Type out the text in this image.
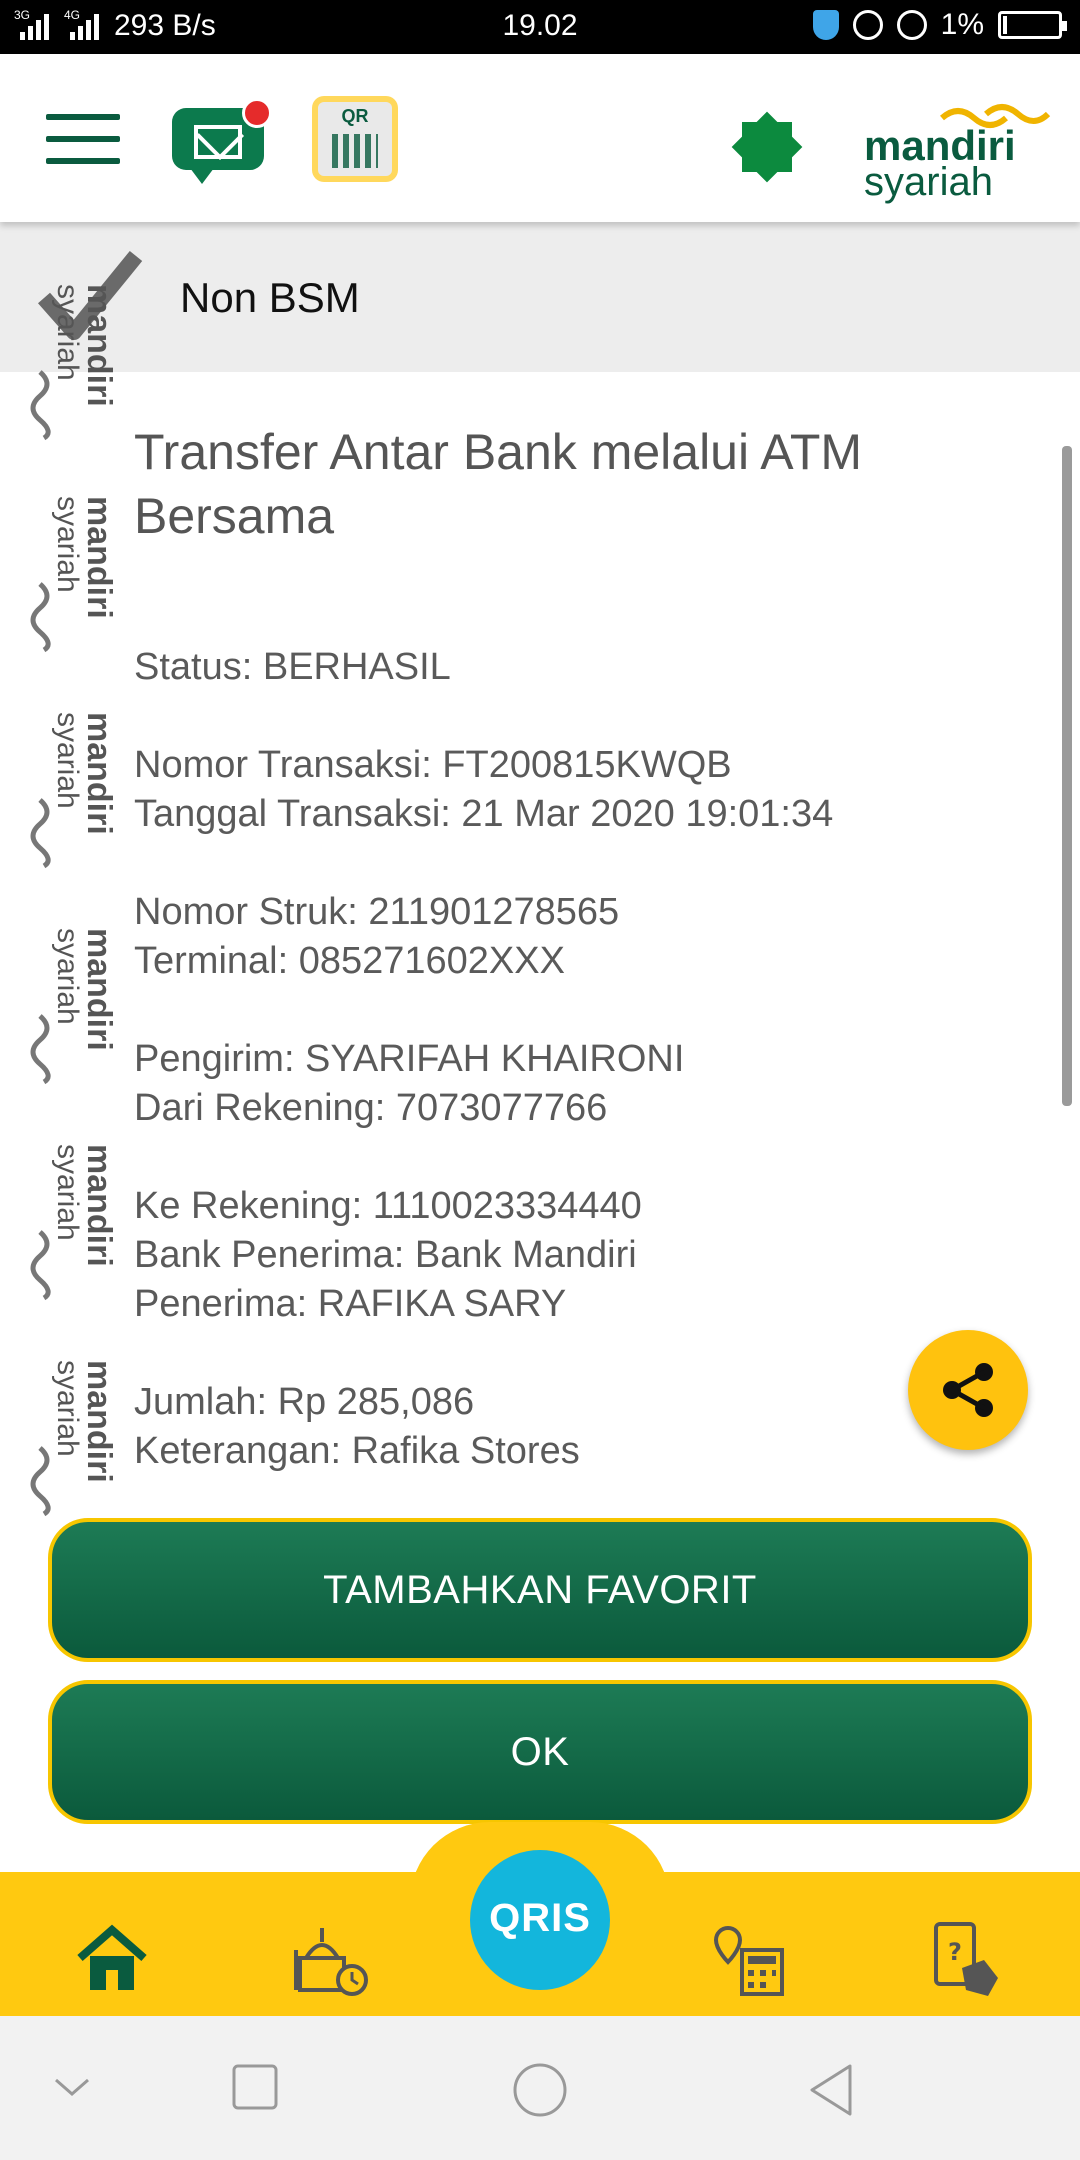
3G	4G 293 B/s	19.02	1%
QR
mandiri
syariah
Non BSM
mandiri
syariah
mandiri
syariah
mandiri
syariah
mandiri
syariah
mandiri
syariah
mandiri
syariah
Transfer Antar Bank melalui ATM Bersama
Status: BERHASIL
Nomor Transaksi: FT200815KWQB
Tanggal Transaksi: 21 Mar 2020 19:01:34
Nomor Struk: 211901278565
Terminal: 085271602XXX
Pengirim: SYARIFAH KHAIRONI
Dari Rekening: 7073077766
Ke Rekening: 1110023334440
Bank Penerima: Bank Mandiri
Penerima: RAFIKA SARY
Jumlah: Rp 285,086
Keterangan: Rafika Stores
TAMBAHKAN FAVORIT
OK
QRIS
?
